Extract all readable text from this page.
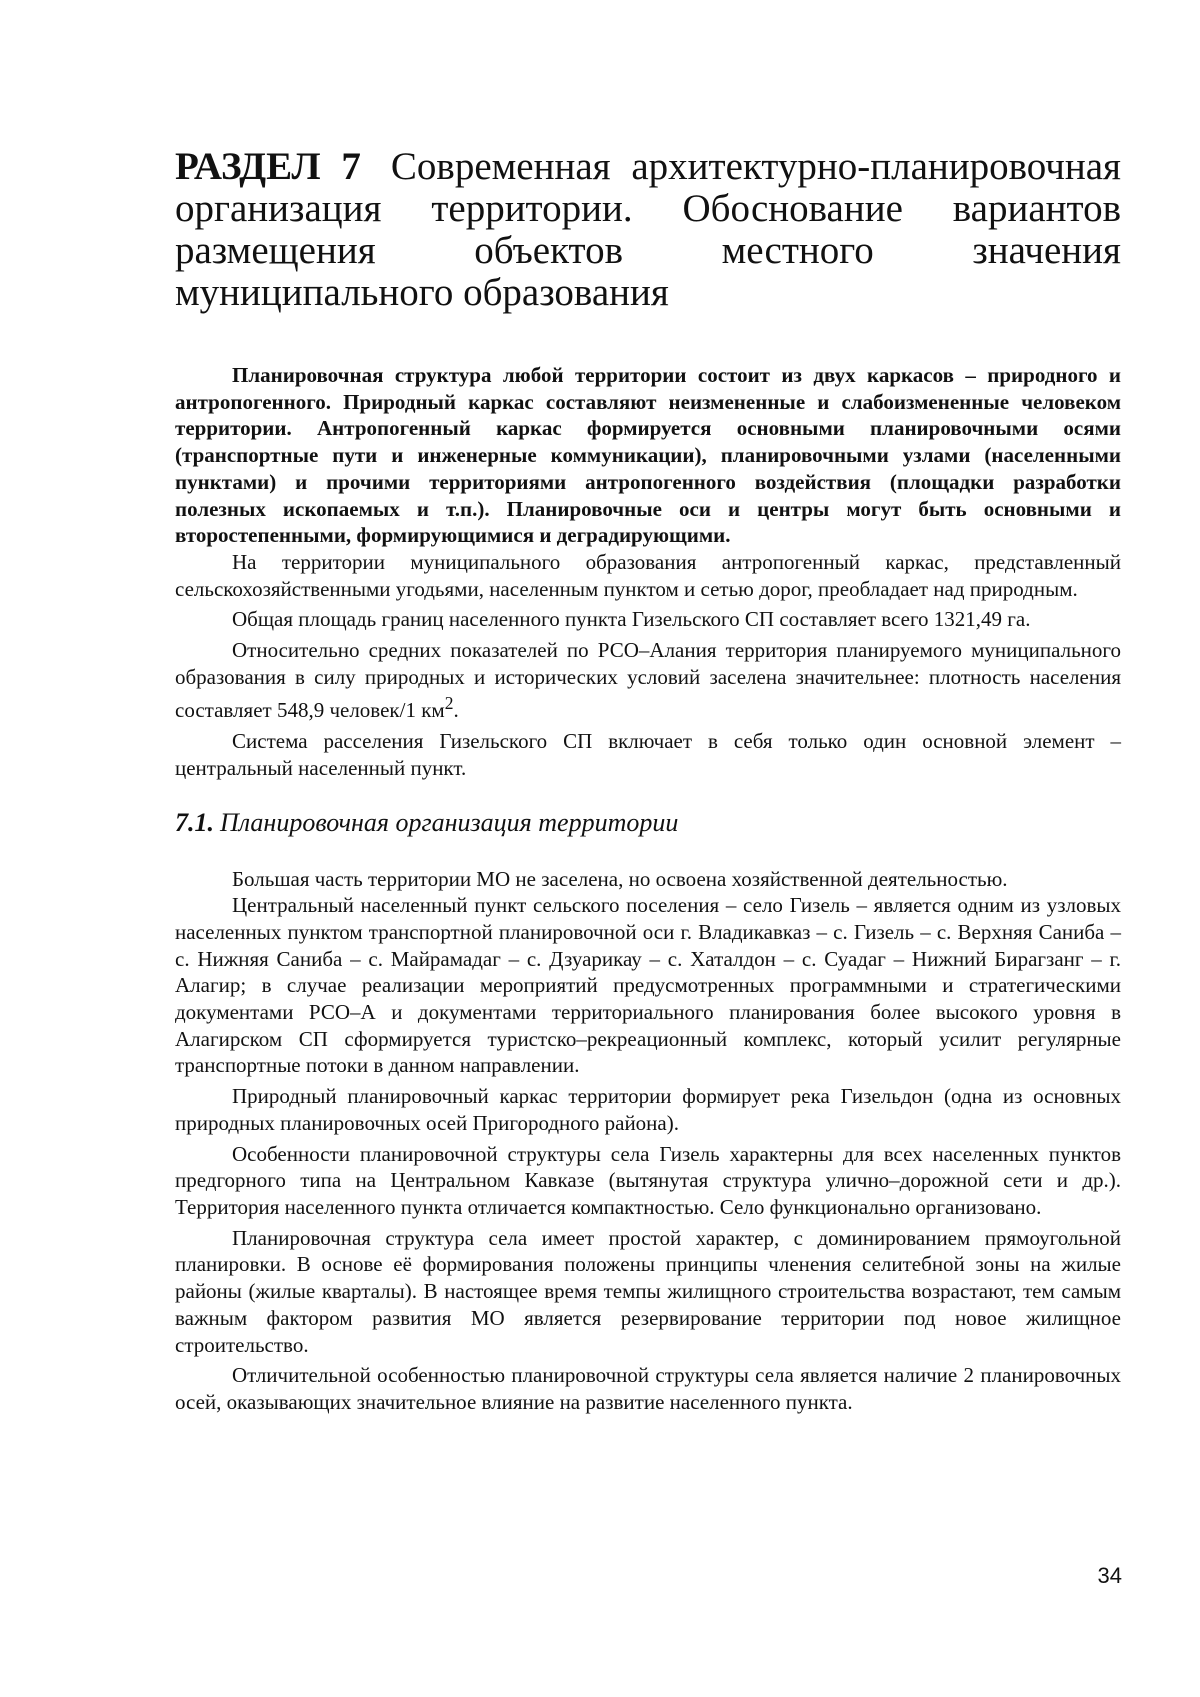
РАЗДЕЛ 7 Современная архитектурно-планировочная организация территории. Обоснование вариантов размещения объектов местного значения муниципального образования

Планировочная структура любой территории состоит из двух каркасов – природного и антропогенного. Природный каркас составляют неизмененные и слабоизмененные человеком территории. Антропогенный каркас формируется основными планировочными осями (транспортные пути и инженерные коммуникации), планировочными узлами (населенными пунктами) и прочими территориями антропогенного воздействия (площадки разработки полезных ископаемых и т.п.). Планировочные оси и центры могут быть основными и второстепенными, формирующимися и деградирующими.

На территории муниципального образования антропогенный каркас, представленный сельскохозяйственными угодьями, населенным пунктом и сетью дорог, преобладает над природным.

Общая площадь границ населенного пункта Гизельского СП составляет всего 1321,49 га.

Относительно средних показателей по РСО–Алания территория планируемого муниципального образования в силу природных и исторических условий заселена значительнее: плотность населения составляет 548,9 человек/1 $км^2$.

Система расселения Гизельского СП включает в себя только один основной элемент – центральный населенный пункт.

7.1. Планировочная организация территории

Большая часть территории МО не заселена, но освоена хозяйственной деятельностью.

Центральный населенный пункт сельского поселения – село Гизель – является одним из узловых населенных пунктом транспортной планировочной оси г. Владикавказ – с. Гизель – с. Верхняя Саниба – с. Нижняя Саниба – с. Майрамадаг – с. Дзуарикау – с. Хаталдон – с. Суадаг – Нижний Бирагзанг – г. Алагир; в случае реализации мероприятий предусмотренных программными и стратегическими документами РСО–А и документами территориального планирования более высокого уровня в Алагирском СП сформируется туристско–рекреационный комплекс, который усилит регулярные транспортные потоки в данном направлении.

Природный планировочный каркас территории формирует река Гизельдон (одна из основных природных планировочных осей Пригородного района).

Особенности планировочной структуры села Гизель характерны для всех населенных пунктов предгорного типа на Центральном Кавказе (вытянутая структура улично–дорожной сети и др.). Территория населенного пункта отличается компактностью. Село функционально организовано.

Планировочная структура села имеет простой характер, с доминированием прямоугольной планировки. В основе её формирования положены принципы членения селитебной зоны на жилые районы (жилые кварталы). В настоящее время темпы жилищного строительства возрастают, тем самым важным фактором развития МО является резервирование территории под новое жилищное строительство.

Отличительной особенностью планировочной структуры села является наличие 2 планировочных осей, оказывающих значительное влияние на развитие населенного пункта.

34
